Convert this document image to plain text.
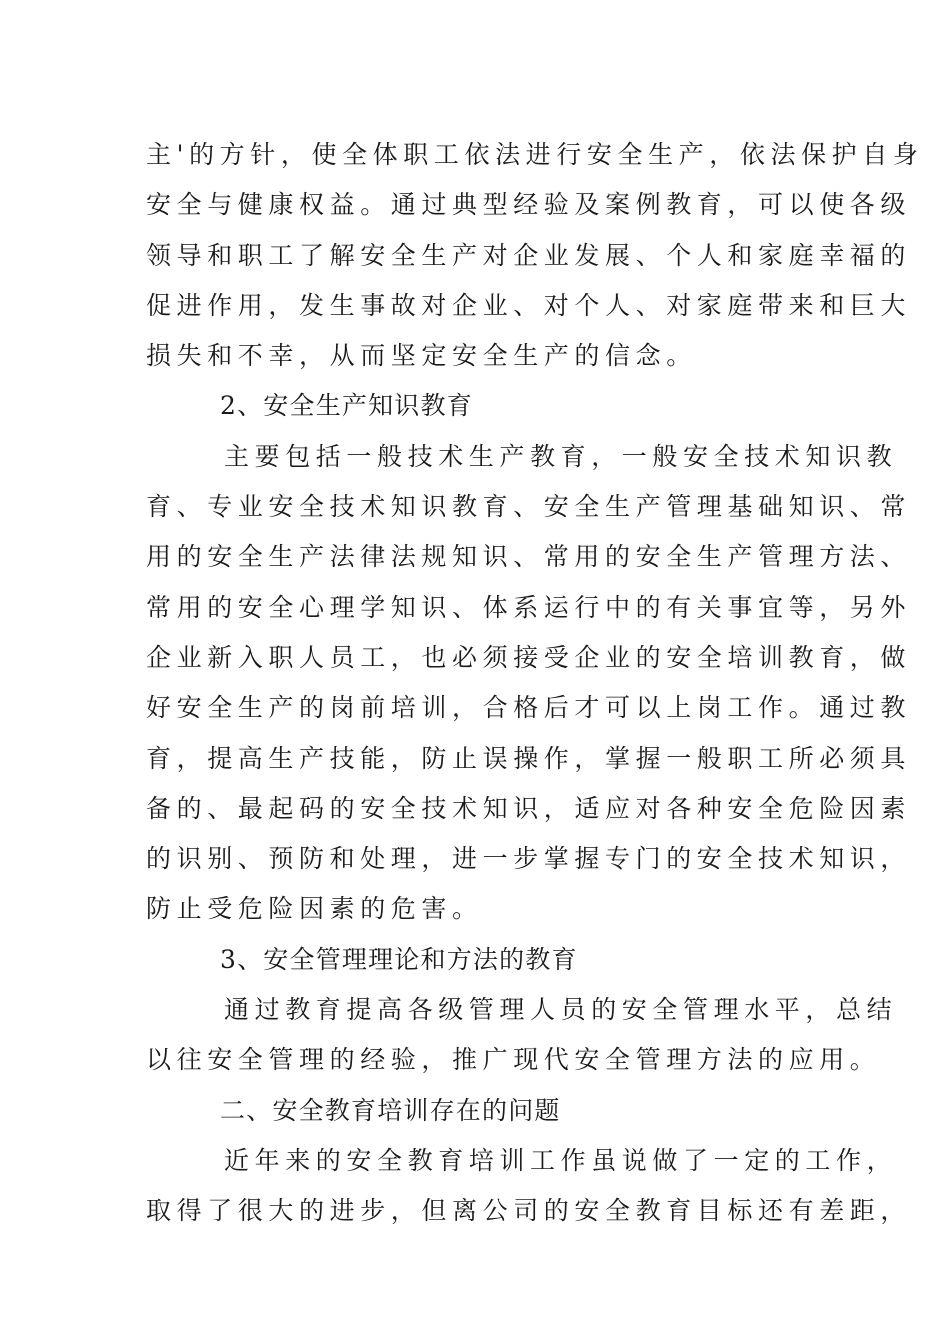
主'的方针，使全体职工依法进行安全生产，依法保护自身
安全与健康权益。通过典型经验及案例教育，可以使各级
领导和职工了解安全生产对企业发展、个人和家庭幸福的
促进作用，发生事故对企业、对个人、对家庭带来和巨大
损失和不幸，从而坚定安全生产的信念。
2、安全生产知识教育
主要包括一般技术生产教育，一般安全技术知识教
育、专业安全技术知识教育、安全生产管理基础知识、常
用的安全生产法律法规知识、常用的安全生产管理方法、
常用的安全心理学知识、体系运行中的有关事宜等，另外
企业新入职人员工，也必须接受企业的安全培训教育，做
好安全生产的岗前培训，合格后才可以上岗工作。通过教
育，提高生产技能，防止误操作，掌握一般职工所必须具
备的、最起码的安全技术知识，适应对各种安全危险因素
的识别、预防和处理，进一步掌握专门的安全技术知识，
防止受危险因素的危害。
3、安全管理理论和方法的教育
通过教育提高各级管理人员的安全管理水平，总结
以往安全管理的经验，推广现代安全管理方法的应用。
二、安全教育培训存在的问题
近年来的安全教育培训工作虽说做了一定的工作，
取得了很大的进步，但离公司的安全教育目标还有差距，
